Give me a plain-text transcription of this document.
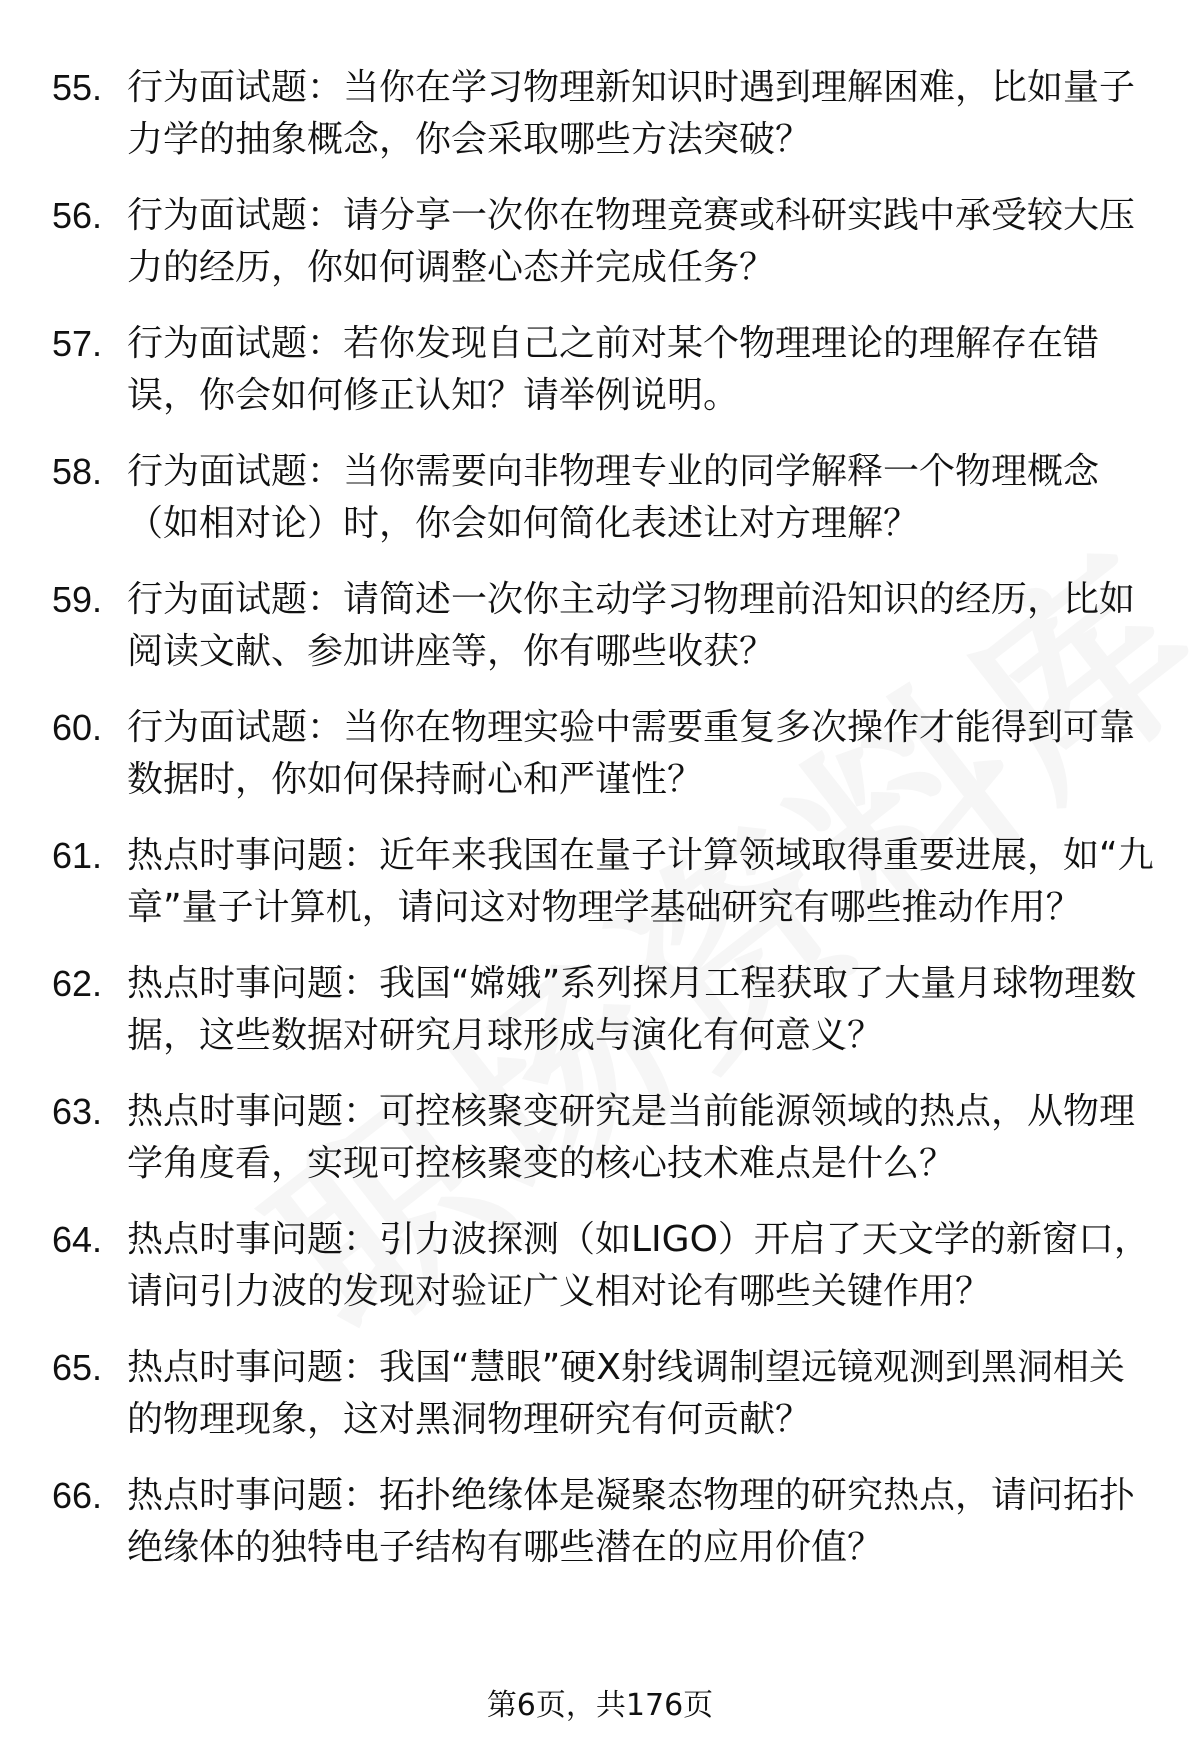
55. 行为面试题：当你在学习物理新知识时遇到理解困难，比如量子力学的抽象概念，你会采取哪些方法突破？
56. 行为面试题：请分享一次你在物理竞赛或科研实践中承受较大压力的经历，你如何调整心态并完成任务？
57. 行为面试题：若你发现自己之前对某个物理理论的理解存在错误，你会如何修正认知？请举例说明。
58. 行为面试题：当你需要向非物理专业的同学解释一个物理概念（如相对论）时，你会如何简化表述让对方理解？
59. 行为面试题：请简述一次你主动学习物理前沿知识的经历，比如阅读文献、参加讲座等，你有哪些收获？
60. 行为面试题：当你在物理实验中需要重复多次操作才能得到可靠数据时，你如何保持耐心和严谨性？
61. 热点时事问题：近年来我国在量子计算领域取得重要进展，如“九章”量子计算机，请问这对物理学基础研究有哪些推动作用？
62. 热点时事问题：我国“嫦娥”系列探月工程获取了大量月球物理数据，这些数据对研究月球形成与演化有何意义？
63. 热点时事问题：可控核聚变研究是当前能源领域的热点，从物理学角度看，实现可控核聚变的核心技术难点是什么？
64. 热点时事问题：引力波探测（如LIGO）开启了天文学的新窗口，请问引力波的发现对验证广义相对论有哪些关键作用？
65. 热点时事问题：我国“慧眼”硬X射线调制望远镜观测到黑洞相关的物理现象，这对黑洞物理研究有何贡献？
66. 热点时事问题：拓扑绝缘体是凝聚态物理的研究热点，请问拓扑绝缘体的独特电子结构有哪些潜在的应用价值？
第6页，共176页
